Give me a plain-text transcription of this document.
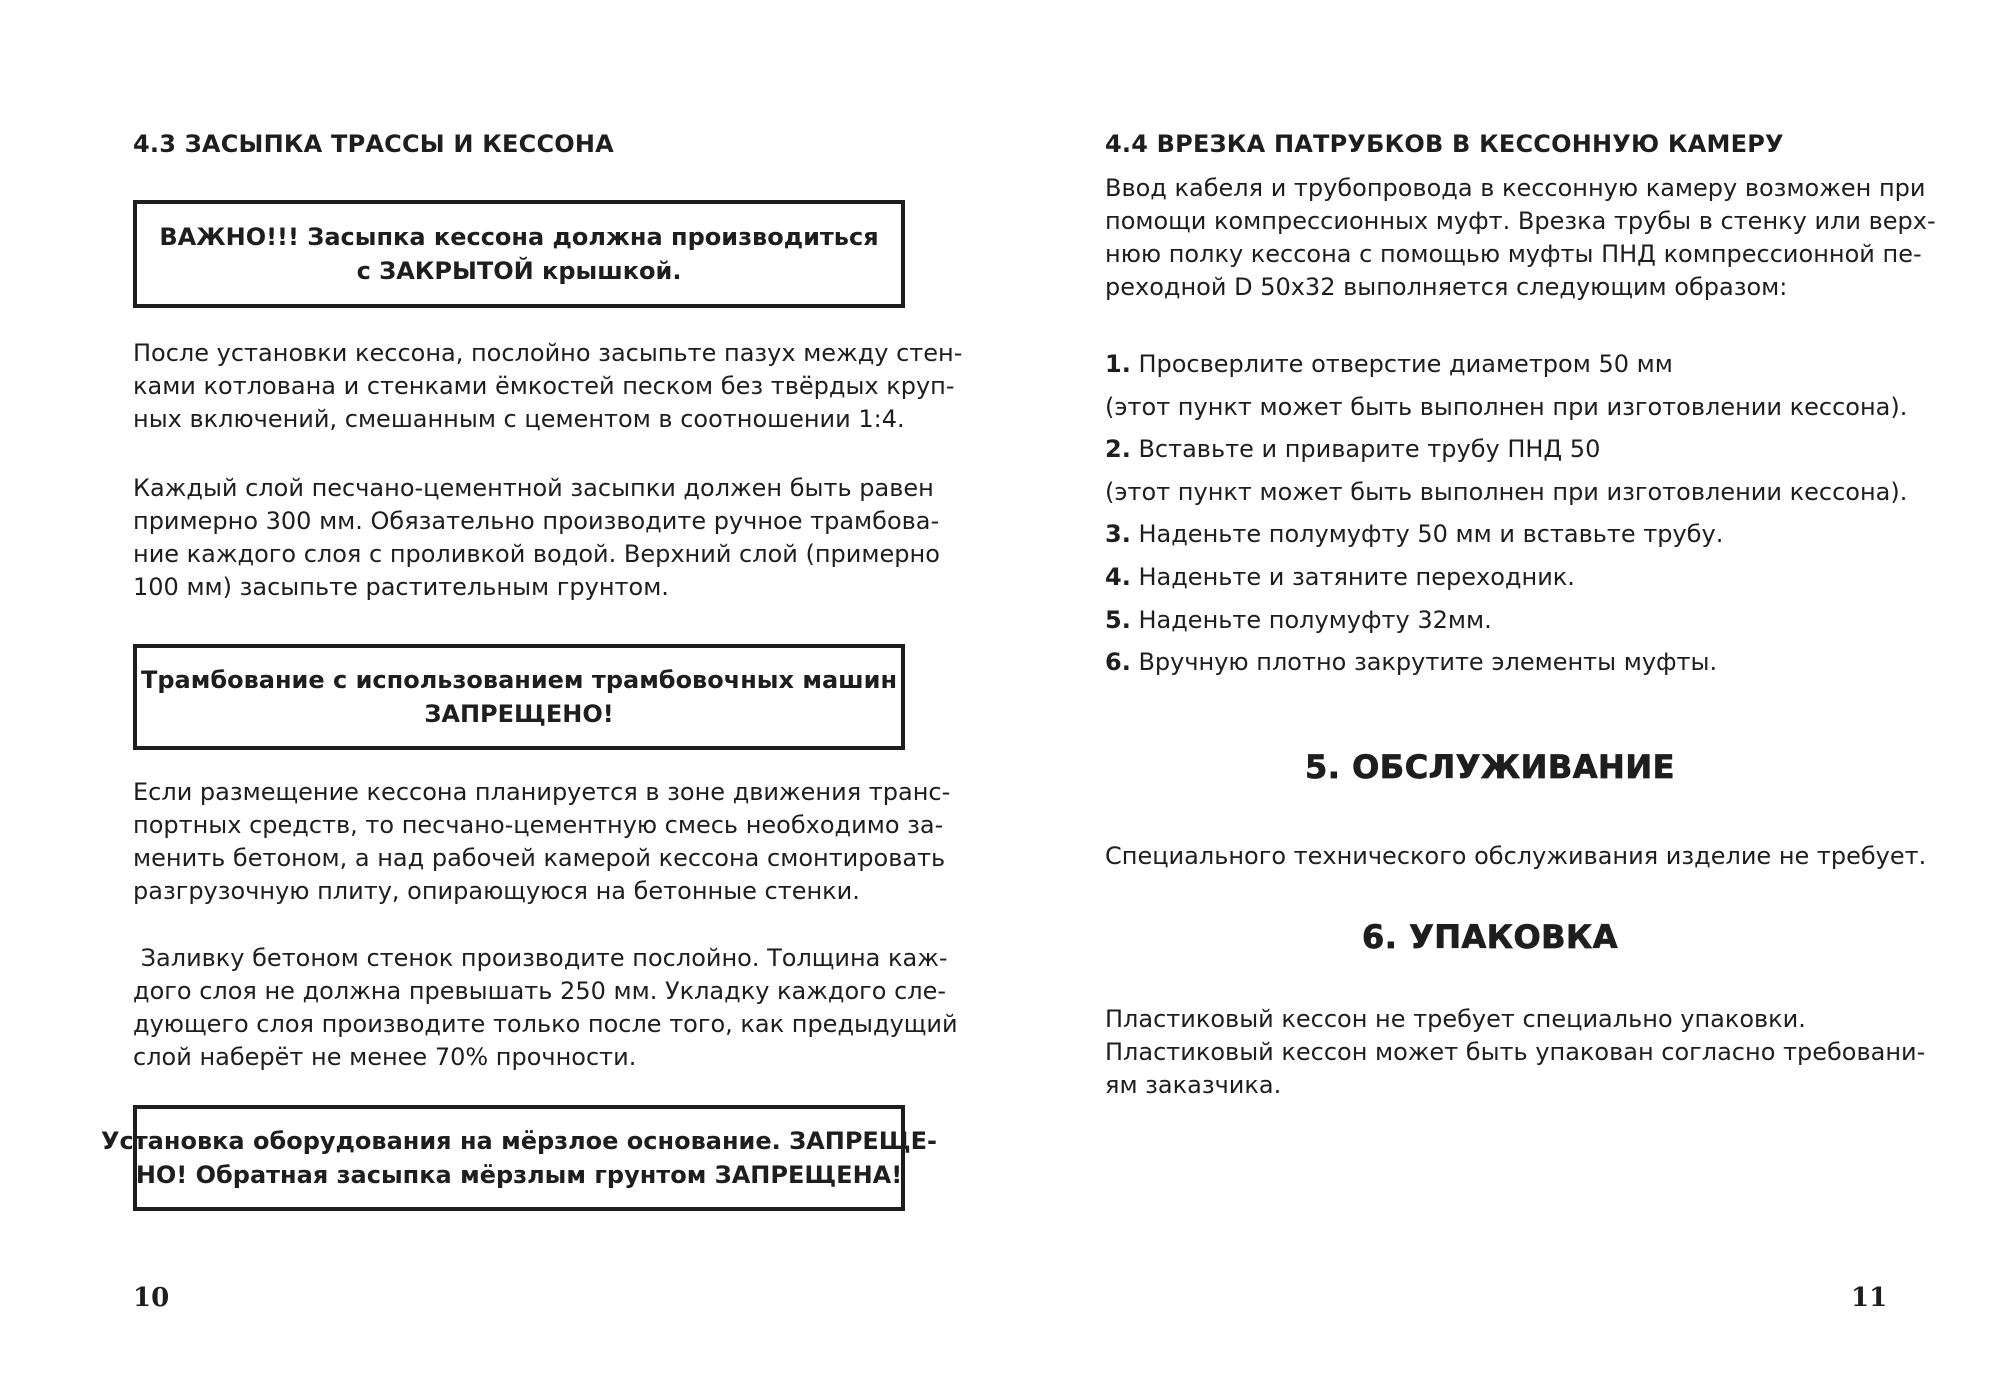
4.3 ЗАСЫПКА ТРАССЫ И КЕССОНА
ВАЖНО!!! Засыпка кессона должна производиться
с ЗАКРЫТОЙ крышкой.

После установки кессона, послойно засыпьте пазух между стен-
ками котлована и стенками ёмкостей песком без твёрдых круп-
ных включений, смешанным с цементом в соотношении 1:4.

Каждый слой песчано-цементной засыпки должен быть равен
примерно 300 мм. Обязательно производите ручное трамбова-
ние каждого слоя с проливкой водой. Верхний слой (примерно
100 мм) засыпьте растительным грунтом.

Трамбование с использованием трамбовочных машин
ЗАПРЕЩЕНО!

Если размещение кессона планируется в зоне движения транс-
портных средств, то песчано-цементную смесь необходимо за-
менить бетоном, а над рабочей камерой кессона смонтировать
разгрузочную плиту, опирающуюся на бетонные стенки.

Заливку бетоном стенок производите послойно. Толщина каж-
дого слоя не должна превышать 250 мм. Укладку каждого сле-
дующего слоя производите только после того, как предыдущий
слой наберёт не менее 70% прочности.

Установка оборудования на мёрзлое основание. ЗАПРЕЩЕ-
НО! Обратная засыпка мёрзлым грунтом ЗАПРЕЩЕНА!
10
4.4 ВРЕЗКА ПАТРУБКОВ В КЕССОННУЮ КАМЕРУ

Ввод кабеля и трубопровода в кессонную камеру возможен при
помощи компрессионных муфт. Врезка трубы в стенку или верх-
нюю полку кессона с помощью муфты ПНД компрессионной пе-
реходной D 50х32 выполняется следующим образом:

1. Просверлите отверстие диаметром 50 мм
(этот пункт может быть выполнен при изготовлении кессона).
2. Вставьте и приварите трубу ПНД 50
(этот пункт может быть выполнен при изготовлении кессона).
3. Наденьте полумуфту 50 мм и вставьте трубу.
4. Наденьте и затяните переходник.
5. Наденьте полумуфту 32мм.
6. Вручную плотно закрутите элементы муфты.
5. ОБСЛУЖИВАНИЕ

Специального технического обслуживания изделие не требует.

6. УПАКОВКА

Пластиковый кессон не требует специально упаковки.
Пластиковый кессон может быть упакован согласно требовани-
ям заказчика.

11
